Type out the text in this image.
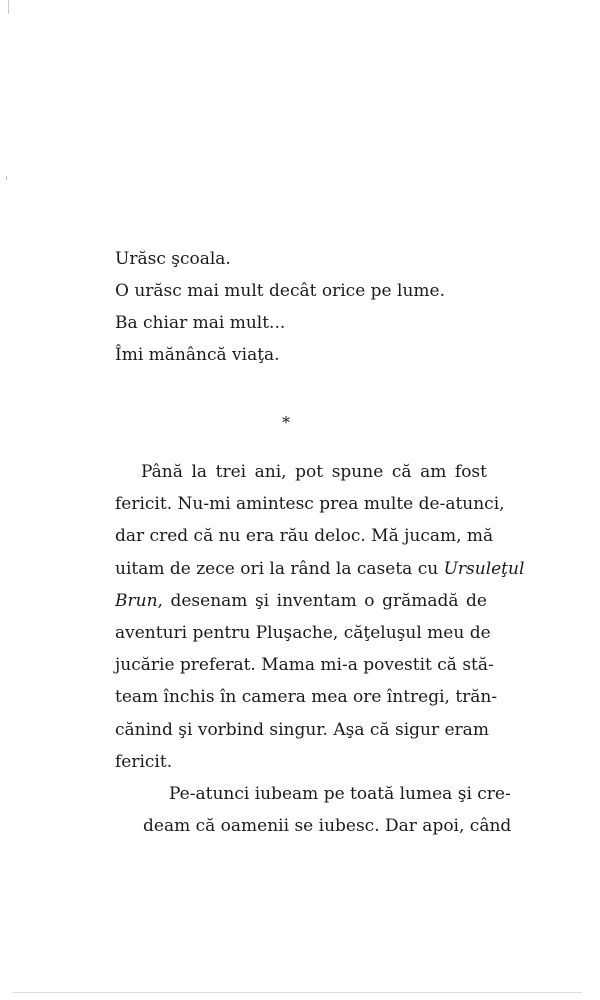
Urăsc şcoala.
O urăsc mai mult decât orice pe lume.
Ba chiar mai mult...
Îmi mănâncă viaţa.
*

Până la trei ani, pot spune că am fost
fericit. Nu-mi amintesc prea multe de-atunci,
dar cred că nu era rău deloc. Mă jucam, mă
uitam de zece ori la rând la caseta cu Ursuleţul
Brun, desenam şi inventam o grămadă de
aventuri pentru Pluşache, căţeluşul meu de
jucărie preferat. Mama mi-a povestit că stă-
team închis în camera mea ore întregi, trăn-
cănind şi vorbind singur. Aşa că sigur eram
fericit.

Pe-atunci iubeam pe toată lumea şi cre-
deam că oamenii se iubesc. Dar apoi, când
